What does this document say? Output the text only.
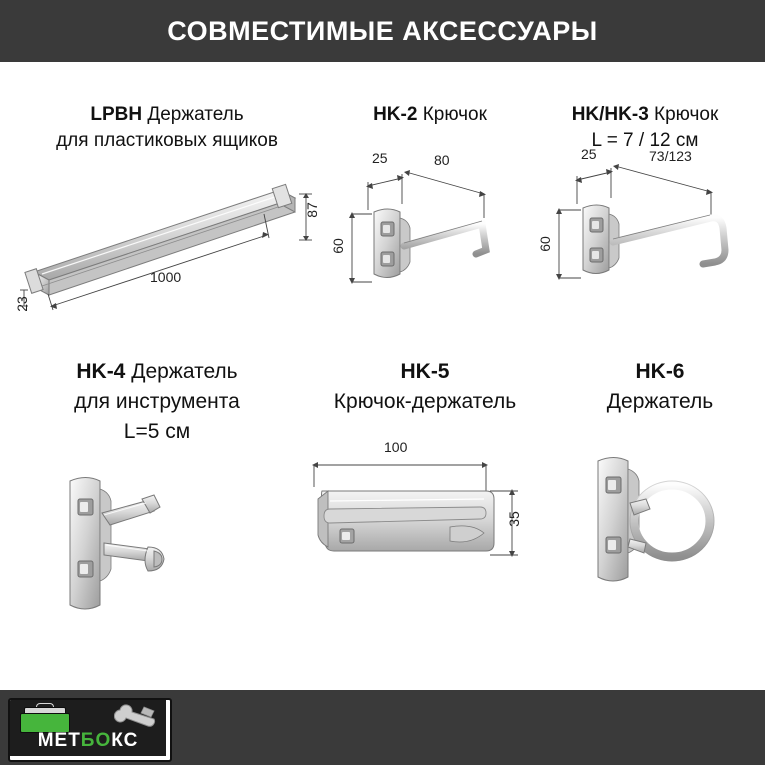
СОВМЕСТИМЫЕ АКСЕССУАРЫ
LPBH Держатель
для пластиковых ящиков
87
1000
23
HK-2 Крючок
25	80
60
HK/HK-3 Крючок
L = 7 / 12 см
25	73/123
60
HK-4 Держатель
для инструмента
L=5 см
HK-5
Крючок-держатель
100
35
HK-6
Держатель
МЕТБОКС
